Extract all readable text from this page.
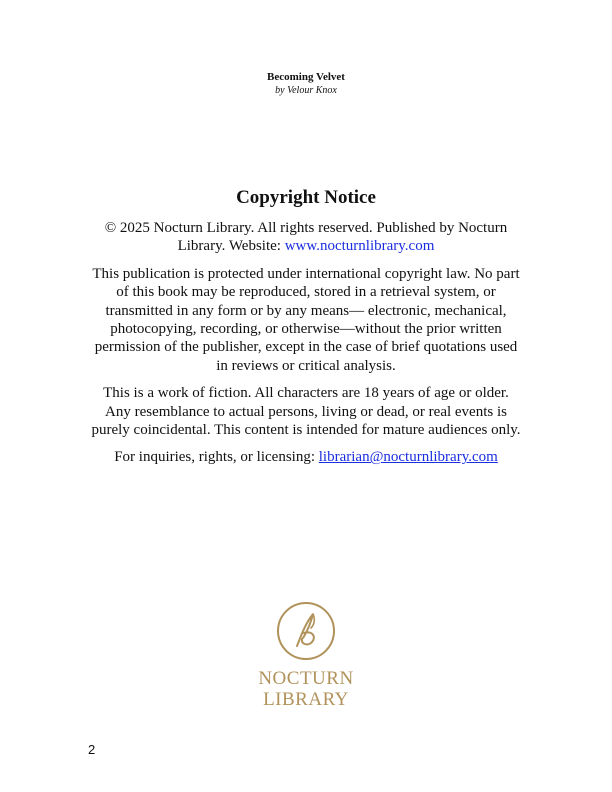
Becoming Velvet
by Velour Knox
Copyright Notice

© 2025 Nocturn Library. All rights reserved. Published by Nocturn Library. Website: www.nocturnlibrary.com

This publication is protected under international copyright law. No part of this book may be reproduced, stored in a retrieval system, or transmitted in any form or by any means— electronic, mechanical, photocopying, recording, or otherwise—without the prior written permission of the publisher, except in the case of brief quotations used in reviews or critical analysis.

This is a work of fiction. All characters are 18 years of age or older. Any resemblance to actual persons, living or dead, or real events is purely coincidental. This content is intended for mature audiences only.

For inquiries, rights, or licensing: librarian@nocturnlibrary.com

NOCTURN
LIBRARY
2
